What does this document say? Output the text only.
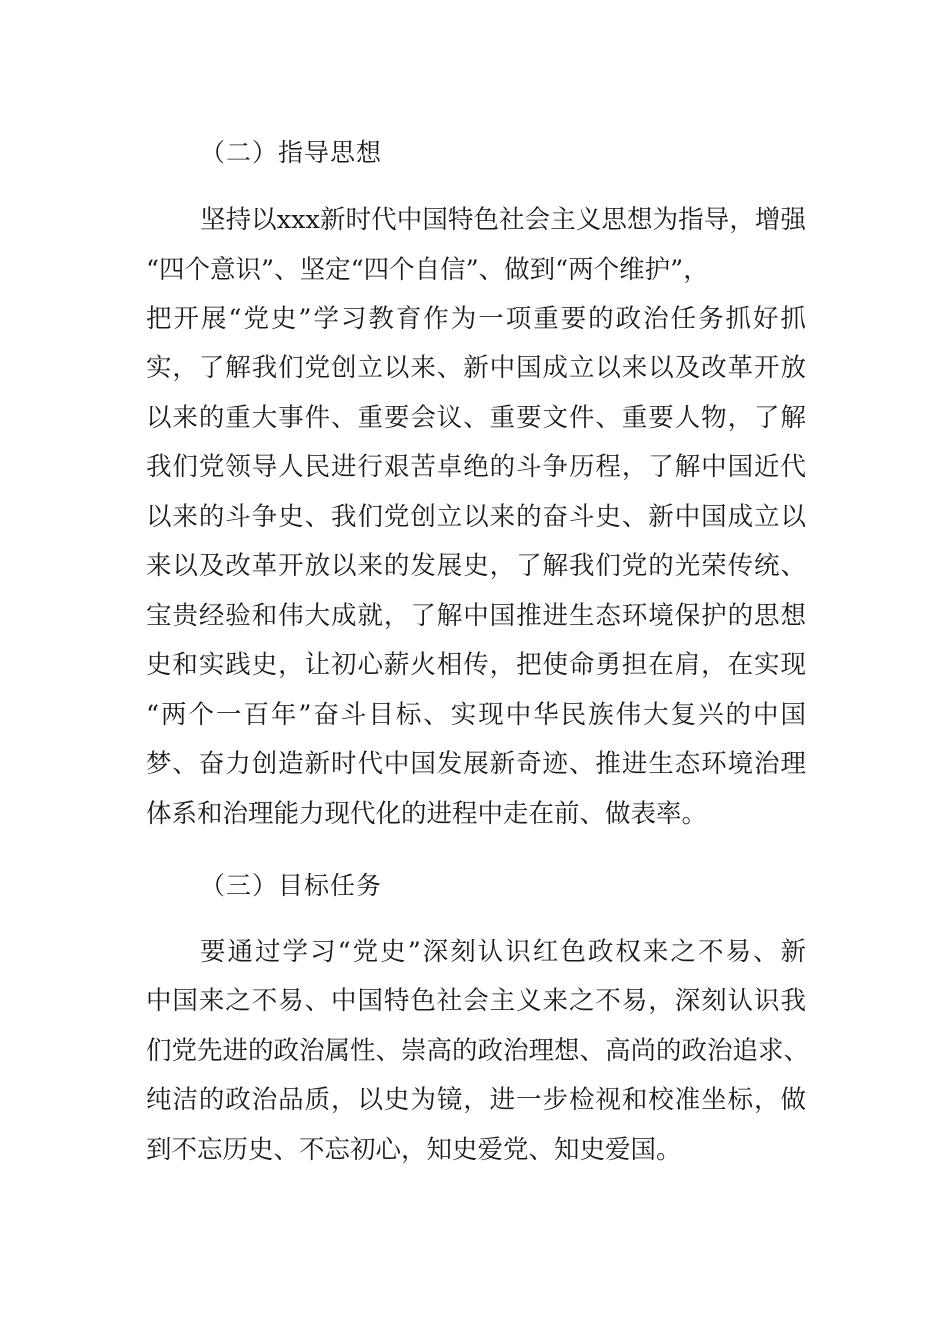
（二）指导思想
坚持以xxx新时代中国特色社会主义思想为指导，增强
“四个意识”、坚定“四个自信”、做到“两个维护”，
把开展“党史”学习教育作为一项重要的政治任务抓好抓
实，了解我们党创立以来、新中国成立以来以及改革开放
以来的重大事件、重要会议、重要文件、重要人物，了解
我们党领导人民进行艰苦卓绝的斗争历程，了解中国近代
以来的斗争史、我们党创立以来的奋斗史、新中国成立以
来以及改革开放以来的发展史，了解我们党的光荣传统、
宝贵经验和伟大成就，了解中国推进生态环境保护的思想
史和实践史，让初心薪火相传，把使命勇担在肩，在实现
“两个一百年”奋斗目标、实现中华民族伟大复兴的中国
梦、奋力创造新时代中国发展新奇迹、推进生态环境治理
体系和治理能力现代化的进程中走在前、做表率。
（三）目标任务
要通过学习“党史”深刻认识红色政权来之不易、新
中国来之不易、中国特色社会主义来之不易，深刻认识我
们党先进的政治属性、崇高的政治理想、高尚的政治追求、
纯洁的政治品质，以史为镜，进一步检视和校准坐标，做
到不忘历史、不忘初心，知史爱党、知史爱国。
